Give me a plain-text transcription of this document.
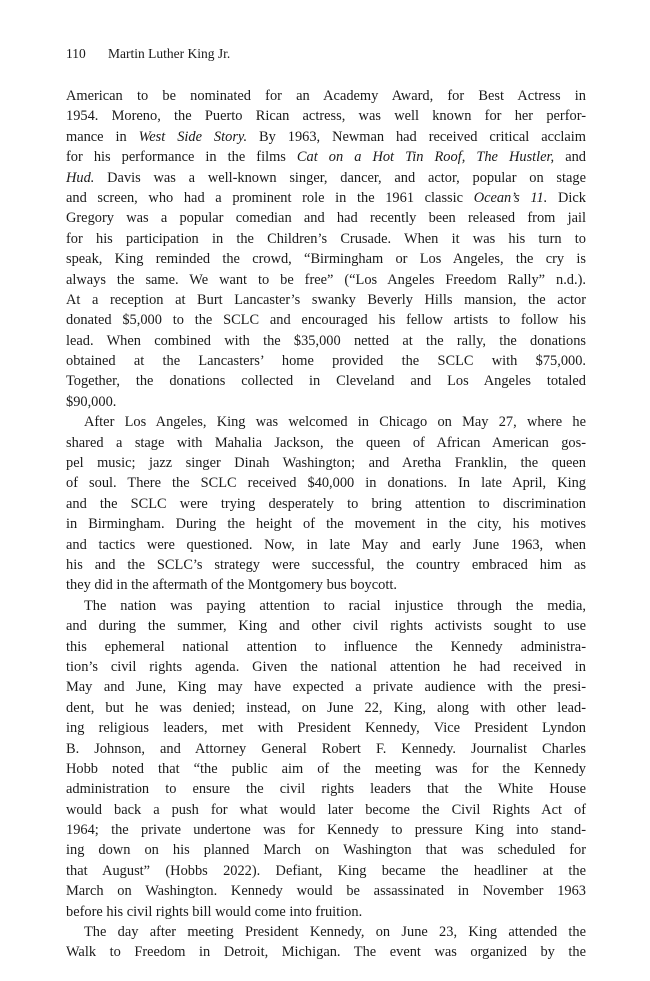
110 Martin Luther King Jr.
American to be nominated for an Academy Award, for Best Actress in
1954. Moreno, the Puerto Rican actress, was well known for her perfor-
mance in West Side Story. By 1963, Newman had received critical acclaim
for his performance in the films Cat on a Hot Tin Roof, The Hustler, and
Hud. Davis was a well-known singer, dancer, and actor, popular on stage
and screen, who had a prominent role in the 1961 classic Ocean’s 11. Dick
Gregory was a popular comedian and had recently been released from jail
for his participation in the Children’s Crusade. When it was his turn to
speak, King reminded the crowd, “Birmingham or Los Angeles, the cry is
always the same. We want to be free” (“Los Angeles Freedom Rally” n.d.).
At a reception at Burt Lancaster’s swanky Beverly Hills mansion, the actor
donated $5,000 to the SCLC and encouraged his fellow artists to follow his
lead. When combined with the $35,000 netted at the rally, the donations
obtained at the Lancasters’ home provided the SCLC with $75,000.
Together, the donations collected in Cleveland and Los Angeles totaled
$90,000.
After Los Angeles, King was welcomed in Chicago on May 27, where he
shared a stage with Mahalia Jackson, the queen of African American gos-
pel music; jazz singer Dinah Washington; and Aretha Franklin, the queen
of soul. There the SCLC received $40,000 in donations. In late April, King
and the SCLC were trying desperately to bring attention to discrimination
in Birmingham. During the height of the movement in the city, his motives
and tactics were questioned. Now, in late May and early June 1963, when
his and the SCLC’s strategy were successful, the country embraced him as
they did in the aftermath of the Montgomery bus boycott.
The nation was paying attention to racial injustice through the media,
and during the summer, King and other civil rights activists sought to use
this ephemeral national attention to influence the Kennedy administra-
tion’s civil rights agenda. Given the national attention he had received in
May and June, King may have expected a private audience with the presi-
dent, but he was denied; instead, on June 22, King, along with other lead-
ing religious leaders, met with President Kennedy, Vice President Lyndon
B. Johnson, and Attorney General Robert F. Kennedy. Journalist Charles
Hobb noted that “the public aim of the meeting was for the Kennedy
administration to ensure the civil rights leaders that the White House
would back a push for what would later become the Civil Rights Act of
1964; the private undertone was for Kennedy to pressure King into stand-
ing down on his planned March on Washington that was scheduled for
that August” (Hobbs 2022). Defiant, King became the headliner at the
March on Washington. Kennedy would be assassinated in November 1963
before his civil rights bill would come into fruition.
The day after meeting President Kennedy, on June 23, King attended the
Walk to Freedom in Detroit, Michigan. The event was organized by the
